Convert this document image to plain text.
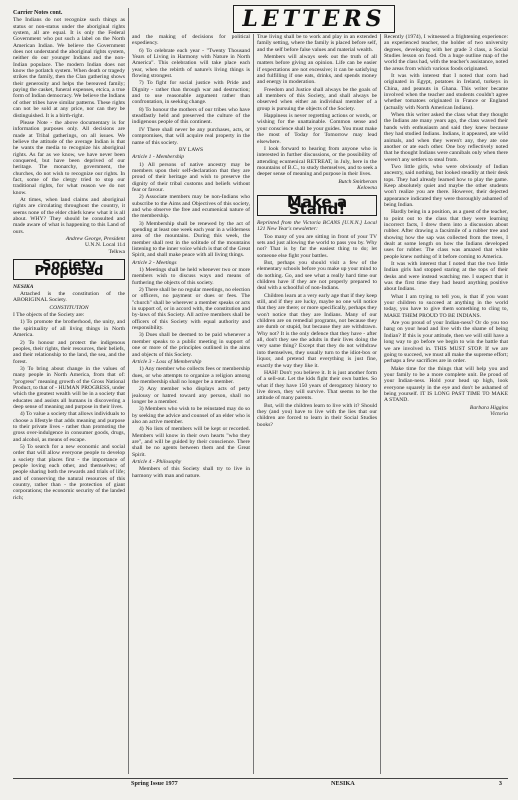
Carrier Notes cont.

The Indians do not recognize such things as status or non-status under the aboriginal rights system, all are equal. It is only the Federal Government who put such a label on the North American Indian. We believe the Government does not understand the aboriginal rights system, neither do our younger Indians and the non-Indian populace. The modern Indian does not know the potlatch system. When death or tragedy strikes the family, then the Clan gathering shows their generosity and helps the bereaved family; paying the casket, funeral expenses, etcica, a true form of Indian democracy. We believe the Indians of other tribes have similar patterns. These rights can not be sold at any price, nor can they be distinguished. It is a birth-right.

Please Note - the above documentary is for information purposes only. All decisions are made at Tribal gatherings, on all issues. We believe the attitude of the average Indian is that he wants the media to recognize his aboriginal rights. As far as we know, we have never been conquered, but have been deprived of our heritage. The monarchy, government, the churches, do not wish to recognize our rights. In fact, some of the clergy tried to stop our traditional rights, for what reason we do not know.

At times, when land claims and aboriginal rights are circulating throughout the country, it seems none of the elder chiefs knew what it is all about. WHY? They should be consulted and made aware of what is happening to this Land of ours.

Andrew George, President

U.N.N. Local 114

Telkwa

Society Proposed

NESIKA

Attached is the constitution of the ABORIGINAL Society.

CONSTITUTION

I The objects of the Society are:

1) To promote the brotherhood, the unity, and the spirituality of all living things in North America.

2) To honour and protect the indigenous peoples, their rights, their resources, their beliefs, and their relationship to the land, the sea, and the forest.

3) To bring about change in the values of many people in North America, from that of: "progress" meaning growth of the Gross National Product, to that of - HUMAN PROGRESS, under which the greatest wealth will be in a society that educates and assists all humans in discovering a deep sense of meaning and purpose in their lives.

4) To value a society that allows individuals to choose a lifestyle that adds meaning and purpose to their private lives - rather than promoting the gross over-indulgence in consumer goods, drugs, and alcohol, as means of escape.

5) To search for a new economic and social order that will allow everyone people to develop a society that places first - the importance of people loving each other, and themselves; of people sharing both the rewards and trials of life; and of conserving the natural resources of this country, rather than - the protection of giant corporations; the economic security of the landed rich;

and the making of decisions for political expediency.

6) To celebrate each year - "Twenty Thousand Years of Living in Harmony with Nature in North America". This celebration will take place each year, when the rebirth of nature's living things is flowing strongest.

7) To fight for social justice with Pride and Dignity - rather than through war and destruction; and to use reasonable argument rather than confrontation, in seeking change.

8) To honour the mothers of our tribes who have steadfastly held and preserved the culture of the indigenous people of this continent.

IV There shall never be any purchases, acts, or compromises, that will acquire real property in the name of this society.

BY LAWS

Article 1 - Membership

1) All persons of native ancestry may be members upon their self-declaration that they are proud of their heritage and wish to preserve the dignity of their tribal customs and beliefs without fear or favour.

2) Associate members may be non-Indians who subscribe to the Aims and Objectives of this society, and who observe the free and ecumenical nature of the membership.

3) Membership shall be renewed by the act of spending at least one week each year in a wilderness area of the mountains. During this week, the member shall rest in the solitude of the mountains listening to the inner voice which is that of the Great Spirit, and shall make peace with all living things.

Article 2 - Meetings

1) Meetings shall be held whenever two or more members wish to discuss ways and means of furthering the objects of this society.

2) There shall be no regular meetings, no election or officers, no payment or dues or fees. The "church" shall be wherever a member speaks or acts in support of, or in accord with, the constitution and by-laws of this Society. All active members shall be officers of this Society with equal authority and responsibility.

3) Dues shall be deemed to be paid whenever a member speaks to a public meeting in support of one or more of the principles outlined in the aims and objects of this Society.

Article 3 - Loss of Membership

1) Any member who collects fees or membership dues, or who attempts to organize a religion among the membership shall no longer be a member.

2) Any member who displays acts of petty jealousy or hatred toward any person, shall no longer be a member.

3) Members who wish to be reinstated may do so by seeking the advice and counsel of an elder who is also an active member.

4) No lists of members will be kept or recorded. Members will know in their own hearts "who they are", and will be guided by their conscience. There shall be no agents between them and the Great Spirit.

Article 4 - Philosophy

Members of this Society shall try to live in harmony with man and nature.

True living shall be to work and play in an extended family setting, where the family is placed before self, and the self before false values and material wealth.

Members will always seek out the truth of all matters before giving an opinion. Life can be easier if expectations are not excessive; it can be satisfying and fulfilling if one eats, drinks, and spends money and energy in moderation.

Freedom and Justice shall always be the goals of all members of this Society, and shall always be observed when either an individual member of a group is pursuing the objects of the Society.

Happiness is never regretting actions or words, or wishing for the unattainable. Common sense and your conscience shall be your guides. You must make the most of Today for Tomorrow may lead elsewhere.

I look forward to hearing from anyone who is interested in further discussions, or the possibility of attending ecumenical RETREAT, in July, here in the mountains of B.C., to study themselves, and to seek a deeper sense of meaning and purpose in their lives.

Butch Smitheram

Kelowna

Make a Stand!

Reprinted from the Victoria BCANS [U.N.N.] Local 121 New Year's newsletter:

Too many of you are sitting in front of your TV sets and just allowing the world to pass you by. Why not? That is by far the easiest thing to do; let someone else fight your battles.

But, perhaps you should visit a few of the elementary schools before you make up your mind to do nothing. Go, and see what a really hard time our children have if they are not properly prepared to deal with a schoolful of non-Indians.

Children learn at a very early age that if they keep still, and if they are lucky, maybe no one will notice that they are there; or more specifically, perhaps they won't notice that they are Indians. Many of our children are on remedial programs, not because they are dumb or stupid, but because they are withdrawn. Why not? It is the only defence that they have - after all, don't they see the adults in their lives doing the very same thing? Except that they do not withdraw into themselves, they usually turn to the idiot-box or liquor, and pretend that everything is just fine, exactly the way they like it.

HAH! Don't you believe it. It is just another form of a sell-out. Let the kids fight their own battles. So what if they have 150 years of derogatory history to live down, they will survive. That seems to be the attitude of many parents.

But, will the children learn to live with it? Should they (and you) have to live with the lies that our children are forced to learn in their Social Studies books?

Recently (1974), I witnessed a frightening experience: an experienced teacher, the holder of two university degrees, developing with her grade 3 class, a Social Studies lesson on food. On a huge outline map of the world the class had, with the teacher's assistance, noted the areas from which various foods originated.

It was with interest that I noted that corn had originated in Egypt, potatoes in Ireland, turkeys in China, and peanuts in Ghana. This writer became involved when the teacher and students couldn't agree whether tomatoes originated in France or England (actually with North American Indians).

When this writer asked the class what they thought the Indians ate many years ago, the class waved their hands with enthusiasm and said they knew because they had studied Indians. Indians, it appeared, ate wild animals, and when they weren't any, they ate one another or ate each other. One boy reflectively noted that he thought Indians were cannibals only when there weren't any settlers to steal from.

Two little girls, who were obviously of Indian ancestry, said nothing, but looked steadily at their desk tops. They had already learned how to play the game. Keep absolutely quiet and maybe the other students won't realize you are there. However, their dejected appearance indicated they were thoroughly ashamed of being Indian.

Hardly being in a position, as a guest of the teacher, to point out to the class that they were learning incorrect facts, I drew them into a discussion about rubber. After drawing a facsimile of a rubber tree and showing how the sap was collected from the trees, I dealt at some length on how the Indians developed uses for rubber. The class was amazed that white people knew nothing of it before coming to America.

It was with interest that I noted that the two little Indian girls had stopped staring at the tops of their desks and were instead watching me. I suspect that it was the first time they had heard anything positive about Indians.

What I am trying to tell you, is that if you want your children to succeed at anything in the world today, you have to give them something to cling to, MAKE THEM PROUD TO BE INDIANS.

Are you proud of your Indian-ness? Or do you too hang on your head and live with the shame of being Indian? If this is your attitude, then we will still have a long way to go before we begin to win the battle that we are involved in. THIS MUST STOP. If we are going to succeed, we must all make the supreme effort; perhaps a few sacrifices are in order.

Make time for the things that will help you and your family to be a more complete unit. Be proud of your Indian-ness. Hold your head up high, look everyone squarely in the eye and don't be ashamed of being yourself. IT IS LONG PAST TIME TO MAKE A STAND.

Barbara Higgins

Victoria

LETTERS
Spring Issue 1977	NESIKA	3
